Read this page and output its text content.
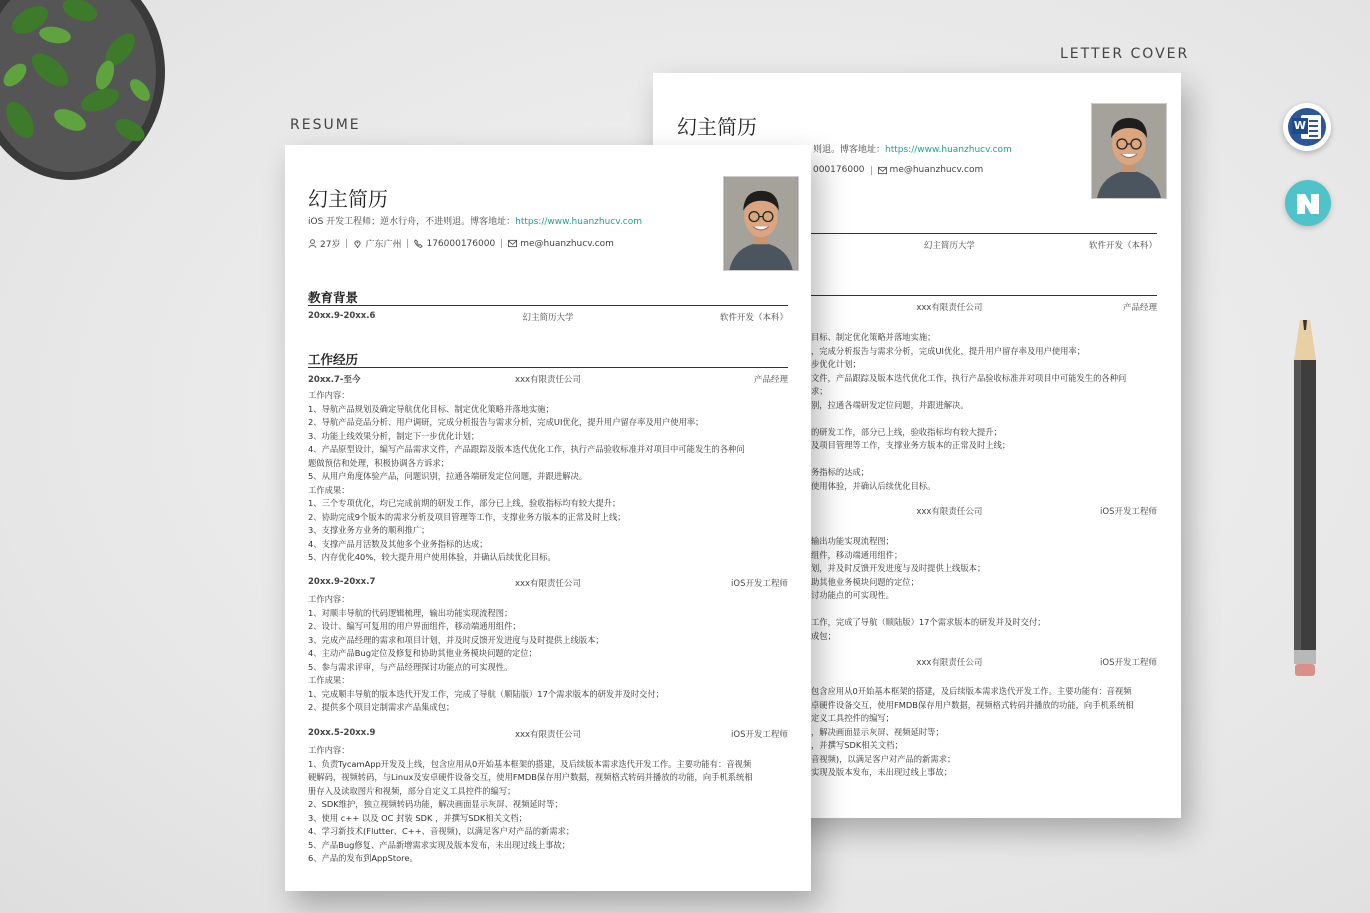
RESUME
LETTER COVER
W
幻主简历
则退。博客地址：https://www.huanzhucv.com
000176000	me@huanzhucv.com
幻主简历大学	软件开发（本科）
xxx有限责任公司	产品经理
目标、制定优化策略并落地实施；
，完成分析报告与需求分析，完成UI优化，提升用户留存率及用户使用率；
步优化计划；
文件，产品跟踪及版本迭代优化工作，执行产品验收标准并对项目中可能发生的各种问
求；
别，拉通各端研发定位问题，并跟进解决。

的研发工作，部分已上线，验收指标均有较大提升；
及项目管理等工作，支撑业务方版本的正常及时上线；

务指标的达成；
使用体验，并确认后续优化目标。
xxx有限责任公司	iOS开发工程师
输出功能实现流程图；
组件，移动端通用组件；
划，并及时反馈开发进度与及时提供上线版本；
助其他业务模块问题的定位；
讨功能点的可实现性。

工作，完成了导航（顺陆版）17个需求版本的研发并及时交付；
成包；
xxx有限责任公司	iOS开发工程师
包含应用从0开始基本框架的搭建，及后续版本需求迭代开发工作。主要功能有：音视频
卓硬件设备交互，使用FMDB保存用户数据，视频格式转码并播放的功能，向手机系统相
定义工具控件的编写；
，解决画面显示灰屏、视频延时等；
，并撰写SDK相关文档；
音视频)，以满足客户对产品的新需求；
实现及版本发布，未出现过线上事故；
幻主简历
iOS 开发工程师；逆水行舟，不进则退。博客地址：https://www.huanzhucv.com
27岁	广东广州	176000176000	me@huanzhucv.com
教育背景
20xx.9-20xx.6	幻主简历大学	软件开发（本科）
工作经历
20xx.7-至今	xxx有限责任公司	产品经理
工作内容：
1、导航产品规划及确定导航优化目标、制定优化策略并落地实施；
2、导航产品竞品分析、用户调研，完成分析报告与需求分析，完成UI优化，提升用户留存率及用户使用率；
3、功能上线效果分析，制定下一步优化计划；
4、产品原型设计，编写产品需求文件，产品跟踪及版本迭代优化工作，执行产品验收标准并对项目中可能发生的各种问
题做预估和处理，积极协调各方诉求；
5、从用户角度体验产品，问题识别，拉通各端研发定位问题，并跟进解决。
工作成果：
1、三个专项优化，均已完成前期的研发工作，部分已上线，验收指标均有较大提升；
2、协助完成9个版本的需求分析及项目管理等工作，支撑业务方版本的正常及时上线；
3、支撑业务方业务的顺利推广；
4、支撑产品月活数及其他多个业务指标的达成；
5、内存优化40%，较大提升用户使用体验，并确认后续优化目标。
20xx.9-20xx.7	xxx有限责任公司	iOS开发工程师
工作内容：
1、对顺丰导航的代码逻辑梳理，输出功能实现流程图；
2、设计、编写可复用的用户界面组件，移动端通用组件；
3、完成产品经理的需求和项目计划，并及时反馈开发进度与及时提供上线版本；
4、主动产品Bug定位及修复和协助其他业务模块问题的定位；
5、参与需求评审，与产品经理探讨功能点的可实现性。
工作成果：
1、完成顺丰导航的版本迭代开发工作，完成了导航（顺陆版）17个需求版本的研发并及时交付；
2、提供多个项目定制需求产品集成包；
20xx.5-20xx.9	xxx有限责任公司	iOS开发工程师
工作内容：
1、负责TycamApp开发及上线，包含应用从0开始基本框架的搭建，及后续版本需求迭代开发工作。主要功能有：音视频
硬解码，视频转码，与Linux及安卓硬件设备交互，使用FMDB保存用户数据，视频格式转码并播放的功能，向手机系统相
册存入及读取图片和视频，部分自定义工具控件的编写；
2、SDK维护，独立视频转码功能，解决画面显示灰屏、视频延时等；
3、使用 c++ 以及 OC 封装 SDK ，并撰写SDK相关文档；
4、学习新技术(Flutter、C++、音视频)，以满足客户对产品的新需求；
5、产品Bug修复、产品新增需求实现及版本发布，未出现过线上事故；
6、产品的发布到AppStore。
